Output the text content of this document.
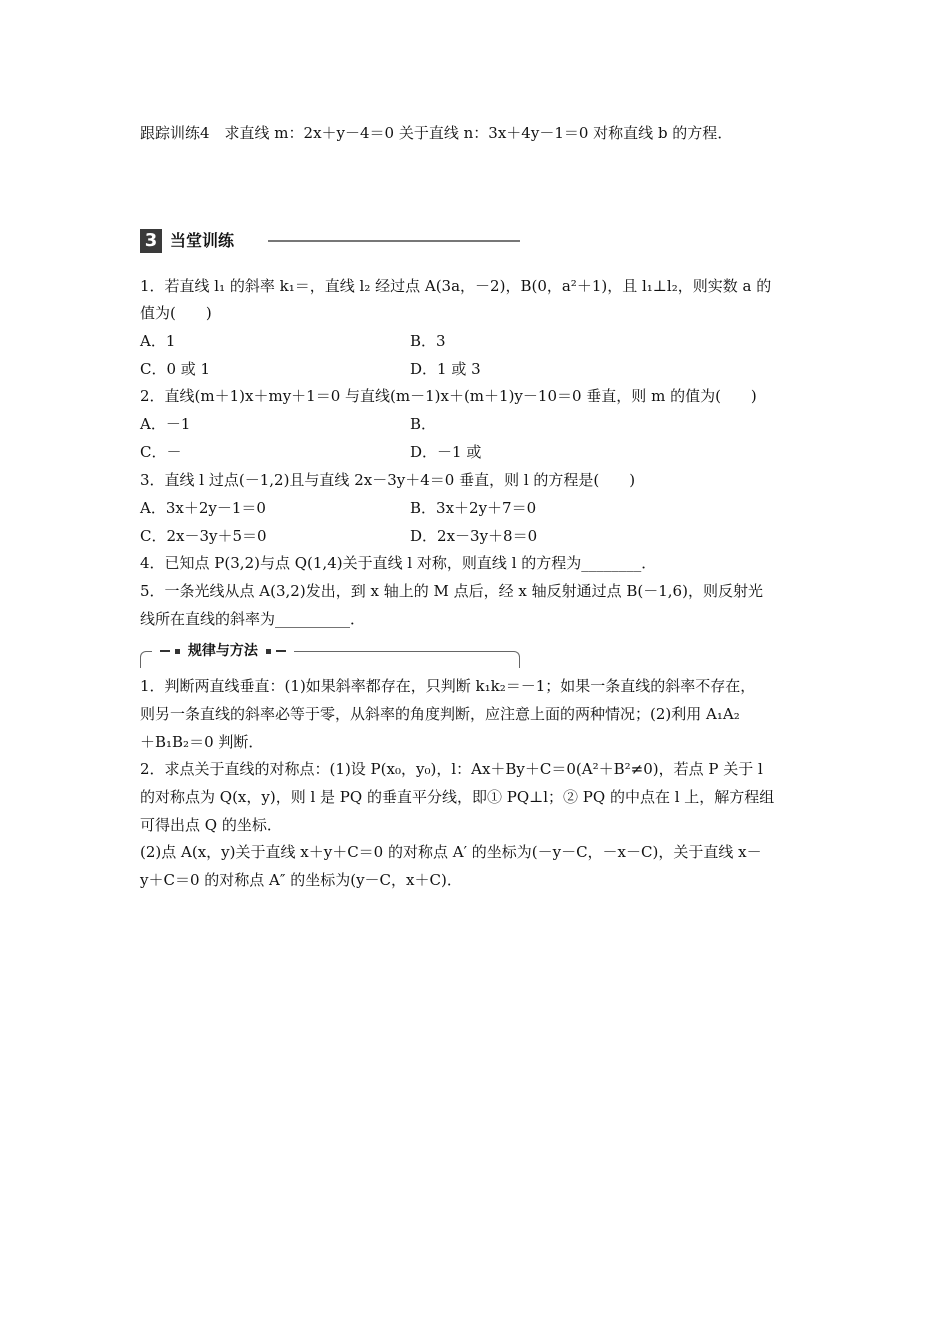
跟踪训练4　求直线 m：2x＋y－4＝0 关于直线 n：3x＋4y－1＝0 对称直线 b 的方程．
3 当堂训练
1．若直线 l₁ 的斜率 k₁＝，直线 l₂ 经过点 A(3a，－2)，B(0，a²＋1)，且 l₁⊥l₂，则实数 a 的
值为(　　)
A．1	B．3
C．0 或 1	D．1 或 3
2．直线(m＋1)x＋my＋1＝0 与直线(m－1)x＋(m＋1)y－10＝0 垂直，则 m 的值为(　　)
A．－1	B．
C．－	D．－1 或
3．直线 l 过点(－1,2)且与直线 2x－3y＋4＝0 垂直，则 l 的方程是(　　)
A．3x＋2y－1＝0	B．3x＋2y＋7＝0
C．2x－3y＋5＝0	D．2x－3y＋8＝0
4．已知点 P(3,2)与点 Q(1,4)关于直线 l 对称，则直线 l 的方程为________．
5．一条光线从点 A(3,2)发出，到 x 轴上的 M 点后，经 x 轴反射通过点 B(－1,6)，则反射光
线所在直线的斜率为__________．
规律与方法
1．判断两直线垂直：(1)如果斜率都存在，只判断 k₁k₂＝－1；如果一条直线的斜率不存在，
则另一条直线的斜率必等于零，从斜率的角度判断，应注意上面的两种情况；(2)利用 A₁A₂
＋B₁B₂＝0 判断．
2．求点关于直线的对称点：(1)设 P(x₀，y₀)，l：Ax＋By＋C＝0(A²＋B²≠0)，若点 P 关于 l
的对称点为 Q(x，y)，则 l 是 PQ 的垂直平分线，即① PQ⊥l；② PQ 的中点在 l 上，解方程组
可得出点 Q 的坐标．
(2)点 A(x，y)关于直线 x＋y＋C＝0 的对称点 A′ 的坐标为(－y－C，－x－C)，关于直线 x－
y＋C＝0 的对称点 A″ 的坐标为(y－C，x＋C)．
